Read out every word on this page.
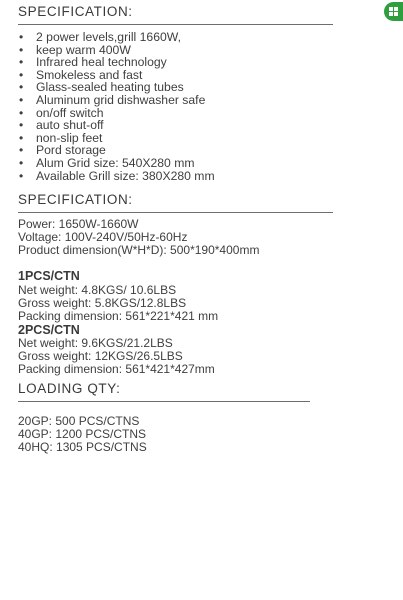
SPECIFICATION:
• 2 power levels,grill 1660W,
• keep warm 400W
• Infrared heal technology
• Smokeless and fast
• Glass-sealed heating tubes
• Aluminum grid dishwasher safe
• on/off switch
• auto shut-off
• non-slip feet
• Pord storage
• Alum Grid size: 540X280 mm
• Available Grill size: 380X280 mm
SPECIFICATION:
Power: 1650W-1660W
Voltage: 100V-240V/50Hz-60Hz
Product dimension(W*H*D): 500*190*400mm
1PCS/CTN
Net weight: 4.8KGS/ 10.6LBS
Gross weight: 5.8KGS/12.8LBS
Packing dimension: 561*221*421 mm
2PCS/CTN
Net weight: 9.6KGS/21.2LBS
Gross weight: 12KGS/26.5LBS
Packing dimension: 561*421*427mm
LOADING QTY:
20GP: 500 PCS/CTNS
40GP: 1200 PCS/CTNS
40HQ: 1305 PCS/CTNS
